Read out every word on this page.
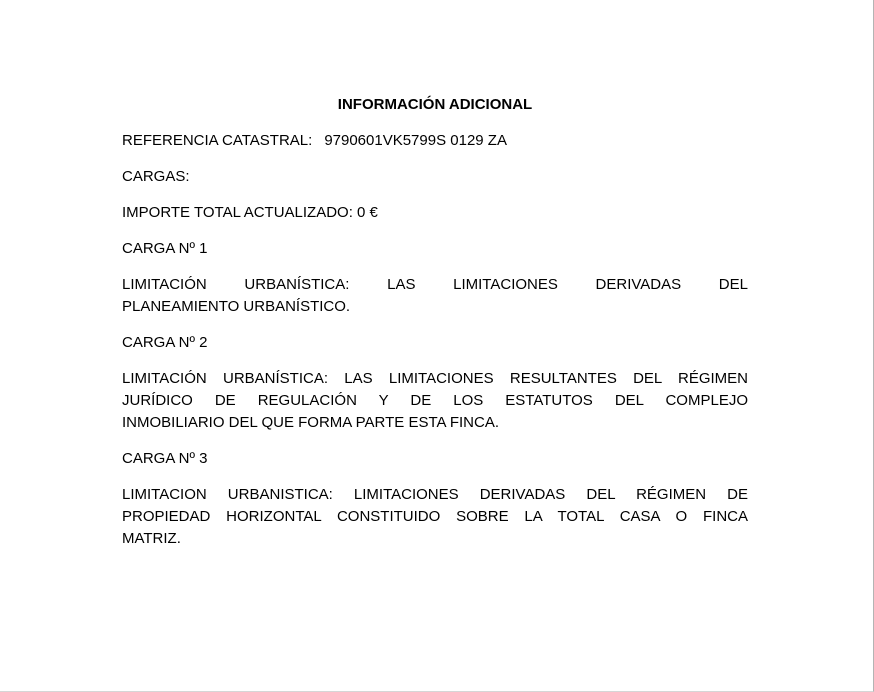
INFORMACIÓN ADICIONAL
REFERENCIA CATASTRAL: 9790601VK5799S 0129 ZA
CARGAS:
IMPORTE TOTAL ACTUALIZADO: 0 €
CARGA Nº 1
LIMITACIÓN URBANÍSTICA: LAS LIMITACIONES DERIVADAS DEL
PLANEAMIENTO URBANÍSTICO.
CARGA Nº 2
LIMITACIÓN URBANÍSTICA: LAS LIMITACIONES RESULTANTES DEL RÉGIMEN
JURÍDICO DE REGULACIÓN Y DE LOS ESTATUTOS DEL COMPLEJO
INMOBILIARIO DEL QUE FORMA PARTE ESTA FINCA.
CARGA Nº 3
LIMITACION URBANISTICA: LIMITACIONES DERIVADAS DEL RÉGIMEN DE
PROPIEDAD HORIZONTAL CONSTITUIDO SOBRE LA TOTAL CASA O FINCA
MATRIZ.
